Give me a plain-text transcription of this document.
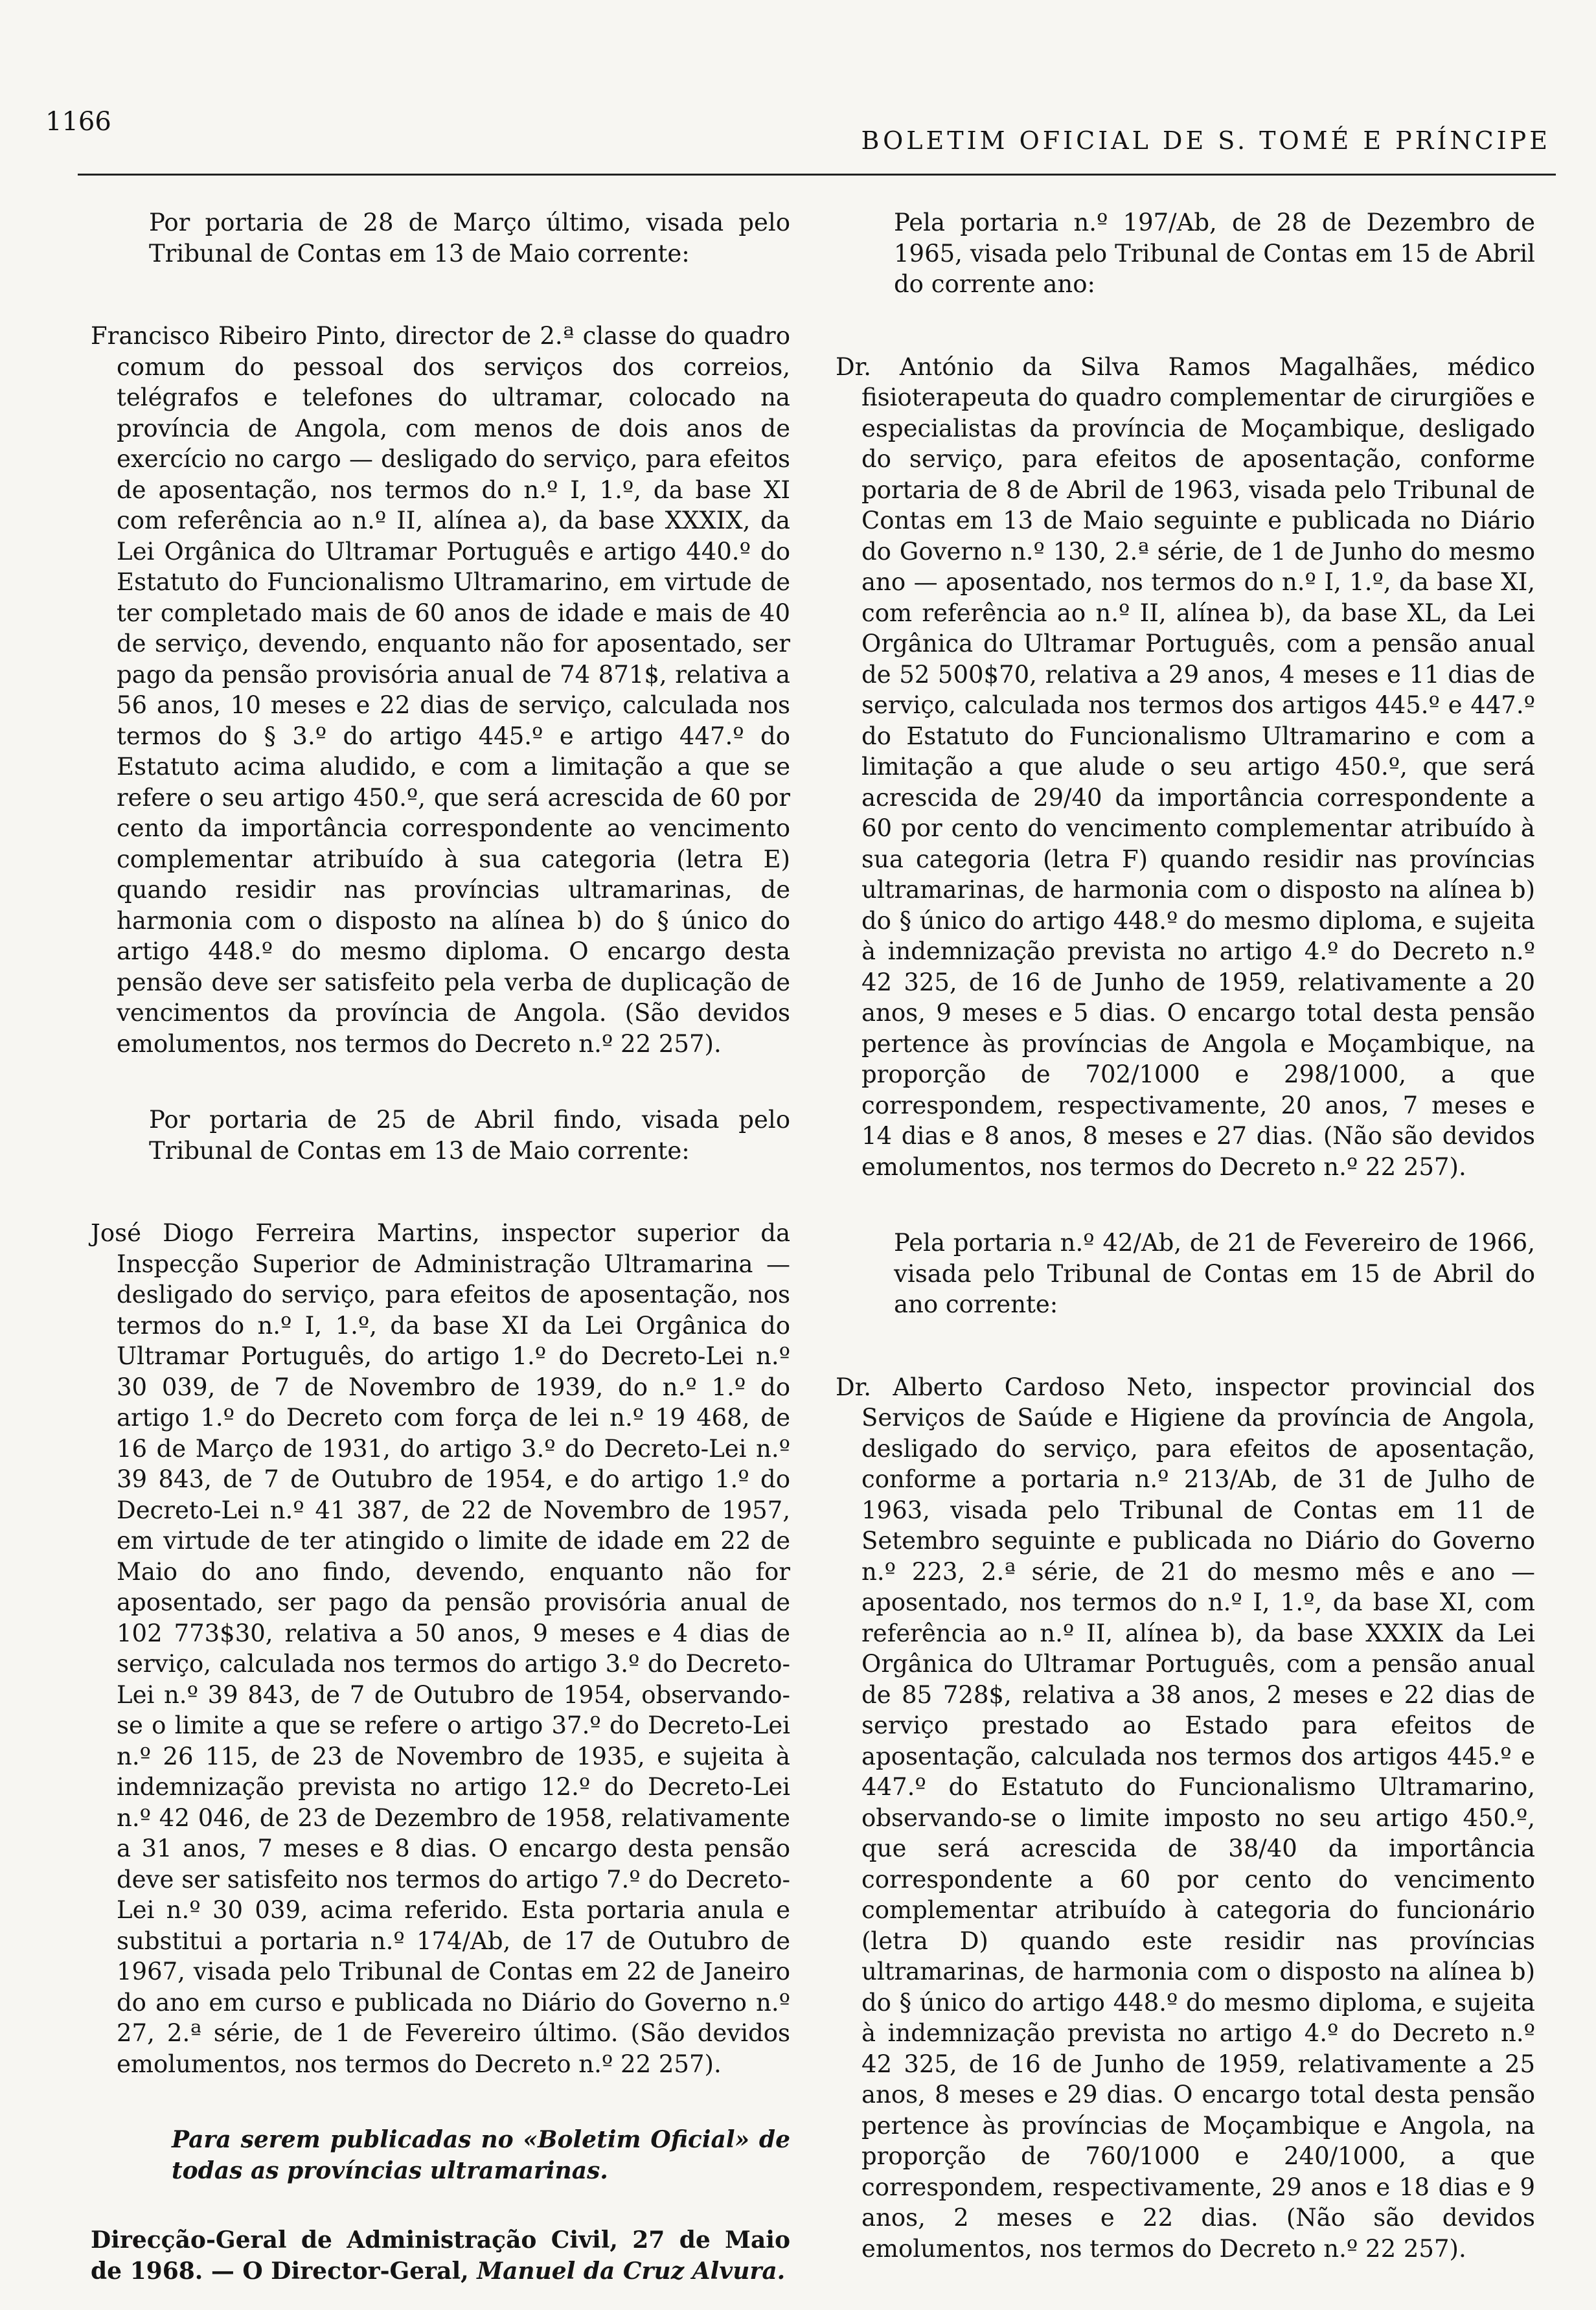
1166
BOLETIM OFICIAL DE S. TOMÉ E PRÍNCIPE

Por portaria de 28 de Março último, visada pelo Tribunal de Contas em 13 de Maio corrente:

Francisco Ribeiro Pinto, director de 2.ª classe do quadro comum do pessoal dos serviços dos correios, telégrafos e telefones do ultramar, colocado na província de Angola, com menos de dois anos de exercício no cargo — desligado do serviço, para efeitos de aposentação, nos termos do n.º I, 1.º, da base XI com referência ao n.º II, alínea a), da base XXXIX, da Lei Orgânica do Ultramar Português e artigo 440.º do Estatuto do Funcionalismo Ultramarino, em virtude de ter completado mais de 60 anos de idade e mais de 40 de serviço, devendo, enquanto não for aposentado, ser pago da pensão provisória anual de 74 871$, relativa a 56 anos, 10 meses e 22 dias de serviço, calculada nos termos do § 3.º do artigo 445.º e artigo 447.º do Estatuto acima aludido, e com a limitação a que se refere o seu artigo 450.º, que será acrescida de 60 por cento da importância correspondente ao vencimento complementar atribuído à sua categoria (letra E) quando residir nas províncias ultramarinas, de harmonia com o disposto na alínea b) do § único do artigo 448.º do mesmo diploma. O encargo desta pensão deve ser satisfeito pela verba de duplicação de vencimentos da província de Angola. (São devidos emolumentos, nos termos do Decreto n.º 22 257).

Por portaria de 25 de Abril findo, visada pelo Tribunal de Contas em 13 de Maio corrente:

José Diogo Ferreira Martins, inspector superior da Inspecção Superior de Administração Ultramarina — desligado do serviço, para efeitos de aposentação, nos termos do n.º I, 1.º, da base XI da Lei Orgânica do Ultramar Português, do artigo 1.º do Decreto-Lei n.º 30 039, de 7 de Novembro de 1939, do n.º 1.º do artigo 1.º do Decreto com força de lei n.º 19 468, de 16 de Março de 1931, do artigo 3.º do Decreto-Lei n.º 39 843, de 7 de Outubro de 1954, e do artigo 1.º do Decreto-Lei n.º 41 387, de 22 de Novembro de 1957, em virtude de ter atingido o limite de idade em 22 de Maio do ano findo, devendo, enquanto não for aposentado, ser pago da pensão provisória anual de 102 773$30, relativa a 50 anos, 9 meses e 4 dias de serviço, calculada nos termos do artigo 3.º do Decreto-Lei n.º 39 843, de 7 de Outubro de 1954, observando-se o limite a que se refere o artigo 37.º do Decreto-Lei n.º 26 115, de 23 de Novembro de 1935, e sujeita à indemnização prevista no artigo 12.º do Decreto-Lei n.º 42 046, de 23 de Dezembro de 1958, relativamente a 31 anos, 7 meses e 8 dias. O encargo desta pensão deve ser satisfeito nos termos do artigo 7.º do Decreto-Lei n.º 30 039, acima referido. Esta portaria anula e substitui a portaria n.º 174/Ab, de 17 de Outubro de 1967, visada pelo Tribunal de Contas em 22 de Janeiro do ano em curso e publicada no Diário do Governo n.º 27, 2.ª série, de 1 de Fevereiro último. (São devidos emolumentos, nos termos do Decreto n.º 22 257).

Para serem publicadas no «Boletim Oficial» de todas as províncias ultramarinas.

Direcção-Geral de Administração Civil, 27 de Maio de 1968. — O Director-Geral, Manuel da Cruz Alvura.

Pela portaria n.º 197/Ab, de 28 de Dezembro de 1965, visada pelo Tribunal de Contas em 15 de Abril do corrente ano:

Dr. António da Silva Ramos Magalhães, médico fisioterapeuta do quadro complementar de cirurgiões e especialistas da província de Moçambique, desligado do serviço, para efeitos de aposentação, conforme portaria de 8 de Abril de 1963, visada pelo Tribunal de Contas em 13 de Maio seguinte e publicada no Diário do Governo n.º 130, 2.ª série, de 1 de Junho do mesmo ano — aposentado, nos termos do n.º I, 1.º, da base XI, com referência ao n.º II, alínea b), da base XL, da Lei Orgânica do Ultramar Português, com a pensão anual de 52 500$70, relativa a 29 anos, 4 meses e 11 dias de serviço, calculada nos termos dos artigos 445.º e 447.º do Estatuto do Funcionalismo Ultramarino e com a limitação a que alude o seu artigo 450.º, que será acrescida de 29/40 da importância correspondente a 60 por cento do vencimento complementar atribuído à sua categoria (letra F) quando residir nas províncias ultramarinas, de harmonia com o disposto na alínea b) do § único do artigo 448.º do mesmo diploma, e sujeita à indemnização prevista no artigo 4.º do Decreto n.º 42 325, de 16 de Junho de 1959, relativamente a 20 anos, 9 meses e 5 dias. O encargo total desta pensão pertence às províncias de Angola e Moçambique, na proporção de 702/1000 e 298/1000, a que correspondem, respectivamente, 20 anos, 7 meses e 14 dias e 8 anos, 8 meses e 27 dias. (Não são devidos emolumentos, nos termos do Decreto n.º 22 257).

Pela portaria n.º 42/Ab, de 21 de Fevereiro de 1966, visada pelo Tribunal de Contas em 15 de Abril do ano corrente:

Dr. Alberto Cardoso Neto, inspector provincial dos Serviços de Saúde e Higiene da província de Angola, desligado do serviço, para efeitos de aposentação, conforme a portaria n.º 213/Ab, de 31 de Julho de 1963, visada pelo Tribunal de Contas em 11 de Setembro seguinte e publicada no Diário do Governo n.º 223, 2.ª série, de 21 do mesmo mês e ano — aposentado, nos termos do n.º I, 1.º, da base XI, com referência ao n.º II, alínea b), da base XXXIX da Lei Orgânica do Ultramar Português, com a pensão anual de 85 728$, relativa a 38 anos, 2 meses e 22 dias de serviço prestado ao Estado para efeitos de aposentação, calculada nos termos dos artigos 445.º e 447.º do Estatuto do Funcionalismo Ultramarino, observando-se o limite imposto no seu artigo 450.º, que será acrescida de 38/40 da importância correspondente a 60 por cento do vencimento complementar atribuído à categoria do funcionário (letra D) quando este residir nas províncias ultramarinas, de harmonia com o disposto na alínea b) do § único do artigo 448.º do mesmo diploma, e sujeita à indemnização prevista no artigo 4.º do Decreto n.º 42 325, de 16 de Junho de 1959, relativamente a 25 anos, 8 meses e 29 dias. O encargo total desta pensão pertence às províncias de Moçambique e Angola, na proporção de 760/1000 e 240/1000, a que correspondem, respectivamente, 29 anos e 18 dias e 9 anos, 2 meses e 22 dias. (Não são devidos emolumentos, nos termos do Decreto n.º 22 257).
